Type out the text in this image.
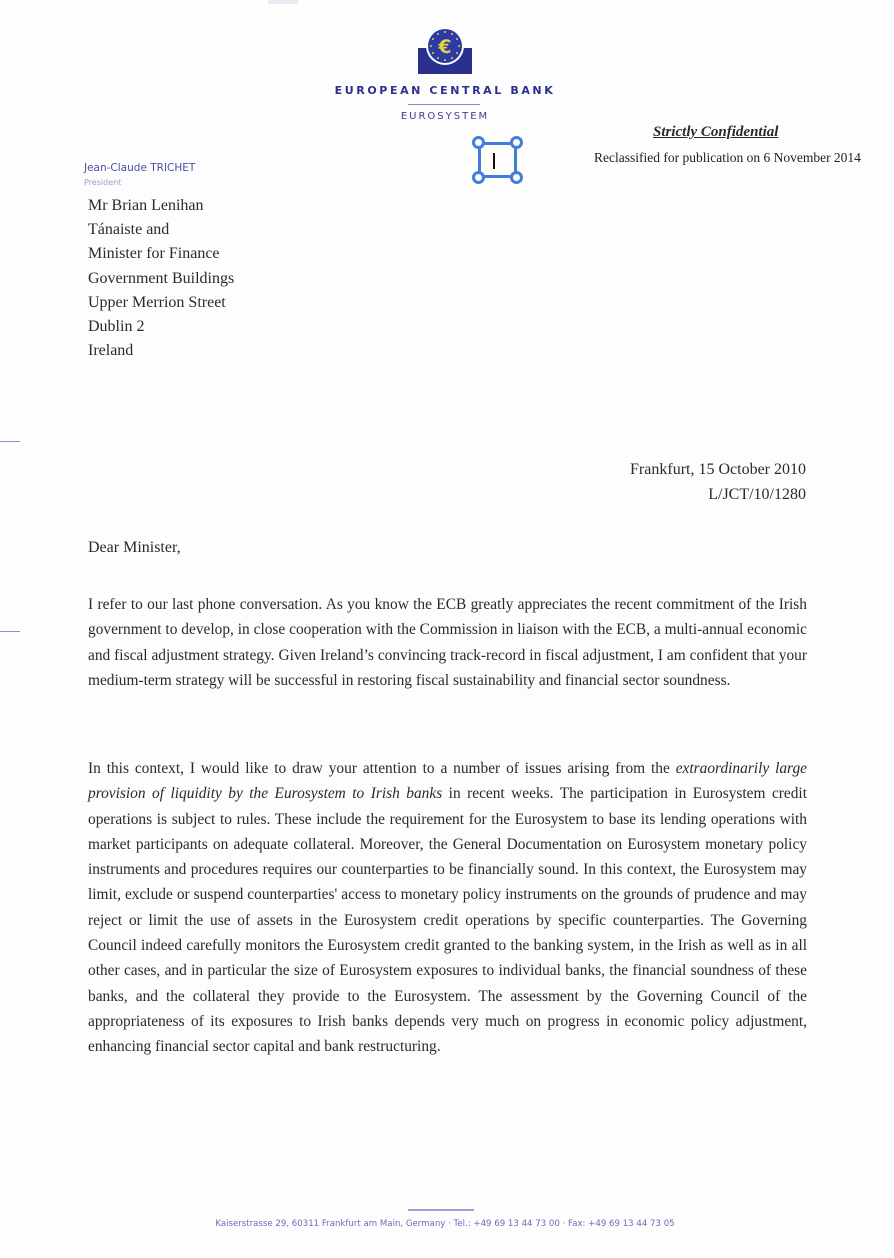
€
EUROPEAN CENTRAL BANK
EUROSYSTEM
Strictly Confidential
Reclassified for publication on 6 November 2014
Jean-Claude TRICHET
President
Mr Brian Lenihan
Tánaiste and
Minister for Finance
Government Buildings
Upper Merrion Street
Dublin 2
Ireland
Frankfurt, 15 October 2010
L/JCT/10/1280
Dear Minister,
I refer to our last phone conversation. As you know the ECB greatly appreciates the recent commitment of the Irish government to develop, in close cooperation with the Commission in liaison with the ECB, a multi-annual economic and fiscal adjustment strategy. Given Ireland’s convincing track-record in fiscal adjustment, I am confident that your medium-term strategy will be successful in restoring fiscal sustainability and financial sector soundness.
In this context, I would like to draw your attention to a number of issues arising from the extraordinarily large provision of liquidity by the Eurosystem to Irish banks in recent weeks. The participation in Eurosystem credit operations is subject to rules. These include the requirement for the Eurosystem to base its lending operations with market participants on adequate collateral. Moreover, the General Documentation on Eurosystem monetary policy instruments and procedures requires our counterparties to be financially sound. In this context, the Eurosystem may limit, exclude or suspend counterparties' access to monetary policy instruments on the grounds of prudence and may reject or limit the use of assets in the Eurosystem credit operations by specific counterparties. The Governing Council indeed carefully monitors the Eurosystem credit granted to the banking system, in the Irish as well as in all other cases, and in particular the size of Eurosystem exposures to individual banks, the financial soundness of these banks, and the collateral they provide to the Eurosystem. The assessment by the Governing Council of the appropriateness of its exposures to Irish banks depends very much on progress in economic policy adjustment, enhancing financial sector capital and bank restructuring.
Kaiserstrasse 29, 60311 Frankfurt am Main, Germany · Tel.: +49 69 13 44 73 00 · Fax: +49 69 13 44 73 05
